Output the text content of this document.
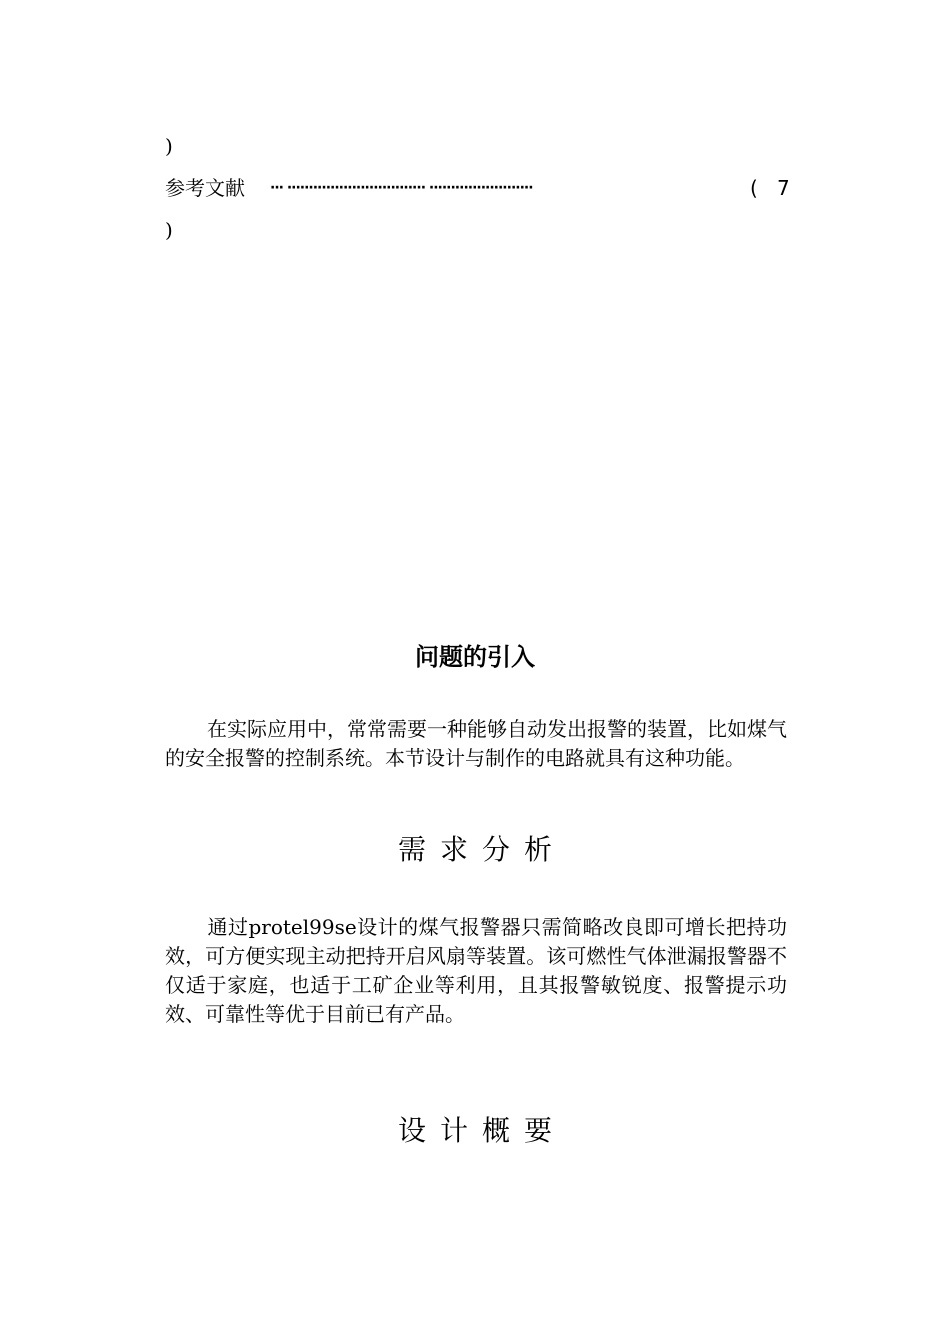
)
参考文献 ··· ································ ························	( 7
)
问题的引入
在实际应用中，常常需要一种能够自动发出报警的装置，比如煤气的安全报警的控制系统。本节设计与制作的电路就具有这种功能。
需求分析
通过protel99se设计的煤气报警器只需简略改良即可增长把持功效，可方便实现主动把持开启风扇等装置。该可燃性气体泄漏报警器不仅适于家庭，也适于工矿企业等利用，且其报警敏锐度、报警提示功效、可靠性等优于目前已有产品。
设计概要
